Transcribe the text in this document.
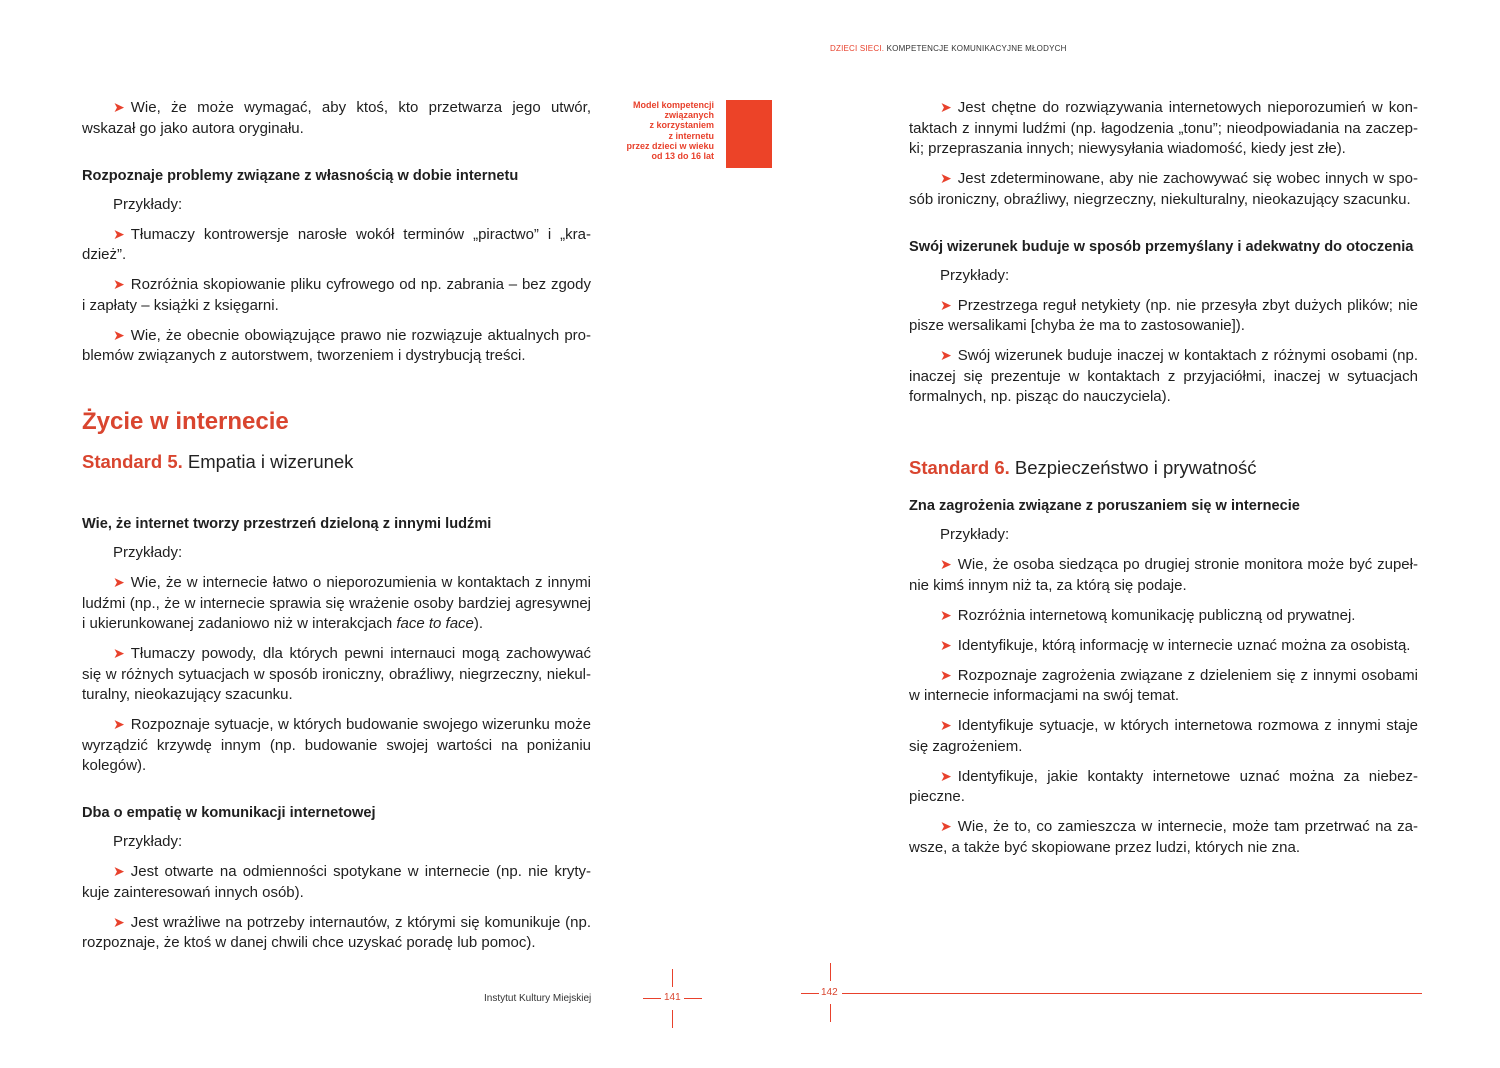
DZIECI SIECI. KOMPETENCJE KOMUNIKACYJNE MŁODYCH
Model kompetencji
związanych
z korzystaniem
z internetu
przez dzieci w wieku
od 13 do 16 lat

➤ Wie, że może wymagać, aby ktoś, kto przetwarza jego utwór, wskazał go jako autora oryginału.

Rozpoznaje problemy związane z własnością w dobie internetu

Przykłady:

➤ Tłumaczy kontrowersje narosłe wokół terminów „piractwo” i „kradzież”.

➤ Rozróżnia skopiowanie pliku cyfrowego od np. zabrania – bez zgody i zapłaty – książki z księgarni.

➤ Wie, że obecnie obowiązujące prawo nie rozwiązuje aktualnych problemów związanych z autorstwem, tworzeniem i dystrybucją treści.

Życie w internecie

Standard 5. Empatia i wizerunek

Wie, że internet tworzy przestrzeń dzieloną z innymi ludźmi

Przykłady:

➤ Wie, że w internecie łatwo o nieporozumienia w kontaktach z innymi ludźmi (np., że w internecie sprawia się wrażenie osoby bardziej agresywnej i ukierunkowanej zadaniowo niż w interakcjach face to face).

➤ Tłumaczy powody, dla których pewni internauci mogą zachowywać się w różnych sytuacjach w sposób ironiczny, obraźliwy, niegrzeczny, niekulturalny, nieokazujący szacunku.

➤ Rozpoznaje sytuacje, w których budowanie swojego wizerunku może wyrządzić krzywdę innym (np. budowanie swojej wartości na poniżaniu kolegów).

Dba o empatię w komunikacji internetowej

Przykłady:

➤ Jest otwarte na odmienności spotykane w internecie (np. nie krytykuje zainteresowań innych osób).

➤ Jest wrażliwe na potrzeby internautów, z którymi się komunikuje (np. rozpoznaje, że ktoś w danej chwili chce uzyskać poradę lub pomoc).

➤ Jest chętne do rozwiązywania internetowych nieporozumień w kontaktach z innymi ludźmi (np. łagodzenia „tonu”; nieodpowiadania na zaczepki; przepraszania innych; niewysyłania wiadomość, kiedy jest złe).

➤ Jest zdeterminowane, aby nie zachowywać się wobec innych w sposób ironiczny, obraźliwy, niegrzeczny, niekulturalny, nieokazujący szacunku.

Swój wizerunek buduje w sposób przemyślany i adekwatny do otoczenia

Przykłady:

➤ Przestrzega reguł netykiety (np. nie przesyła zbyt dużych plików; nie pisze wersalikami [chyba że ma to zastosowanie]).

➤ Swój wizerunek buduje inaczej w kontaktach z różnymi osobami (np. inaczej się prezentuje w kontaktach z przyjaciółmi, inaczej w sytuacjach formalnych, np. pisząc do nauczyciela).

Standard 6. Bezpieczeństwo i prywatność

Zna zagrożenia związane z poruszaniem się w internecie

Przykłady:

➤ Wie, że osoba siedząca po drugiej stronie monitora może być zupełnie kimś innym niż ta, za którą się podaje.

➤ Rozróżnia internetową komunikację publiczną od prywatnej.

➤ Identyfikuje, którą informację w internecie uznać można za osobistą.

➤ Rozpoznaje zagrożenia związane z dzieleniem się z innymi osobami w internecie informacjami na swój temat.

➤ Identyfikuje sytuacje, w których internetowa rozmowa z innymi staje się zagrożeniem.

➤ Identyfikuje, jakie kontakty internetowe uznać można za niebezpieczne.

➤ Wie, że to, co zamieszcza w internecie, może tam przetrwać na zawsze, a także być skopiowane przez ludzi, których nie zna.

Instytut Kultury Miejskiej	141	142
